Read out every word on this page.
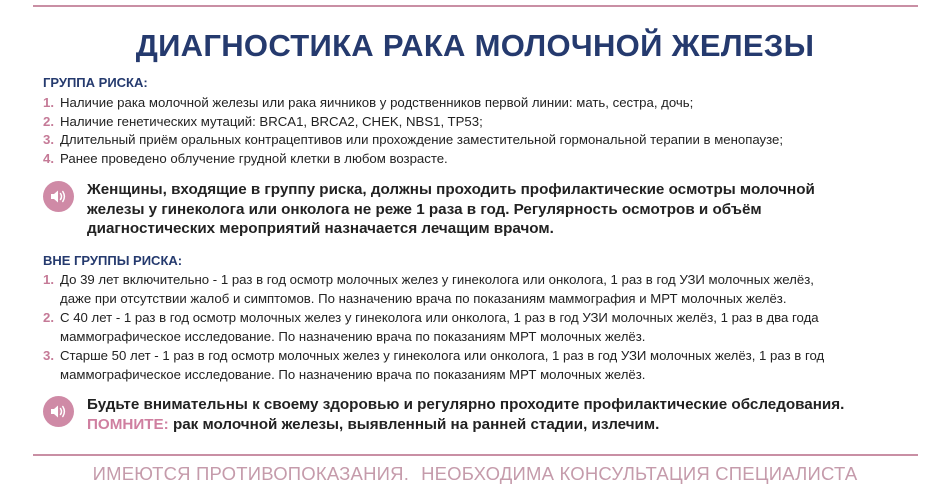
ДИАГНОСТИКА РАКА МОЛОЧНОЙ ЖЕЛЕЗЫ
ГРУППА РИСКА:
1. Наличие рака молочной железы или рака яичников у родственников первой линии: мать, сестра, дочь;
2. Наличие генетических мутаций: BRCA1, BRCA2, CHEK, NBS1, TP53;
3. Длительный приём оральных контрацептивов или прохождение заместительной гормональной терапии в менопаузе;
4. Ранее проведено облучение грудной клетки в любом возрасте.
Женщины, входящие в группу риска, должны проходить профилактические осмотры молочной
железы у гинеколога или онколога не реже 1 раза в год. Регулярность осмотров и объём
диагностических мероприятий назначается лечащим врачом.
ВНЕ ГРУППЫ РИСКА:
1. До 39 лет включительно - 1 раз в год осмотр молочных желез у гинеколога или онколога, 1 раз в год УЗИ молочных желёз,
даже при отсутствии жалоб и симптомов. По назначению врача по показаниям маммография и МРТ молочных желёз.
2. С 40 лет - 1 раз в год осмотр молочных желез у гинеколога или онколога, 1 раз в год УЗИ молочных желёз, 1 раз в два года
маммографическое исследование. По назначению врача по показаниям МРТ молочных желёз.
3. Старше 50 лет - 1 раз в год осмотр молочных желез у гинеколога или онколога, 1 раз в год УЗИ молочных желёз, 1 раз в год
маммографическое исследование. По назначению врача по показаниям МРТ молочных желёз.
Будьте внимательны к своему здоровью и регулярно проходите профилактические обследования.
ПОМНИТЕ: рак молочной железы, выявленный на ранней стадии, излечим.
ИМЕЮТСЯ ПРОТИВОПОКАЗАНИЯ. НЕОБХОДИМА КОНСУЛЬТАЦИЯ СПЕЦИАЛИСТА
